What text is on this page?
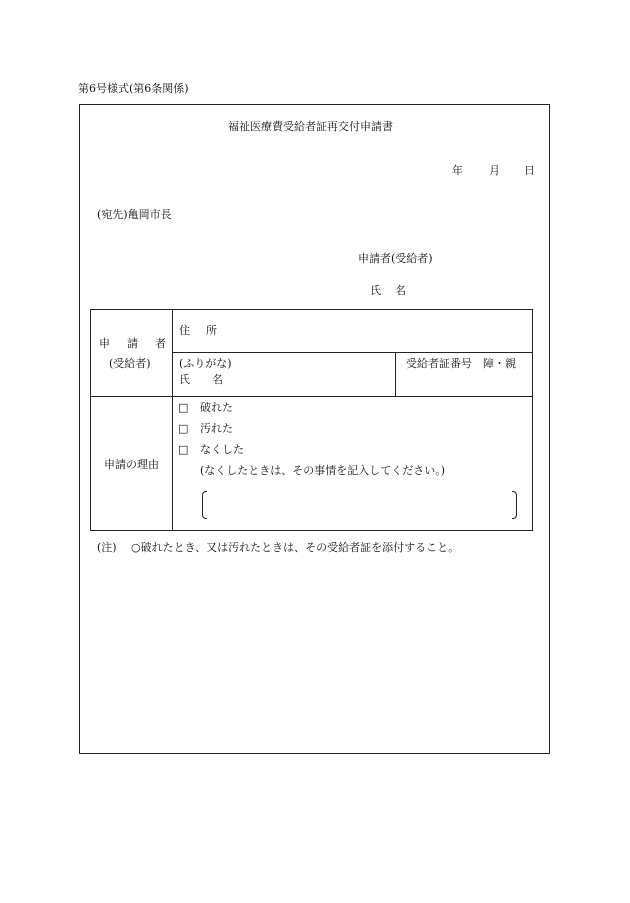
第6号様式(第6条関係)
福祉医療費受給者証再交付申請書
年 月 日
(宛先)亀岡市長
申請者(受給者)
氏名
申請者
(受給者)
住所
(ふりがな)
氏名
受給者証番号　障・親
申請の理由
□ 破れた
□ 汚れた
□ なくした
(なくしたときは、その事情を記入してください。)
(注) ○破れたとき、又は汚れたときは、その受給者証を添付すること。
